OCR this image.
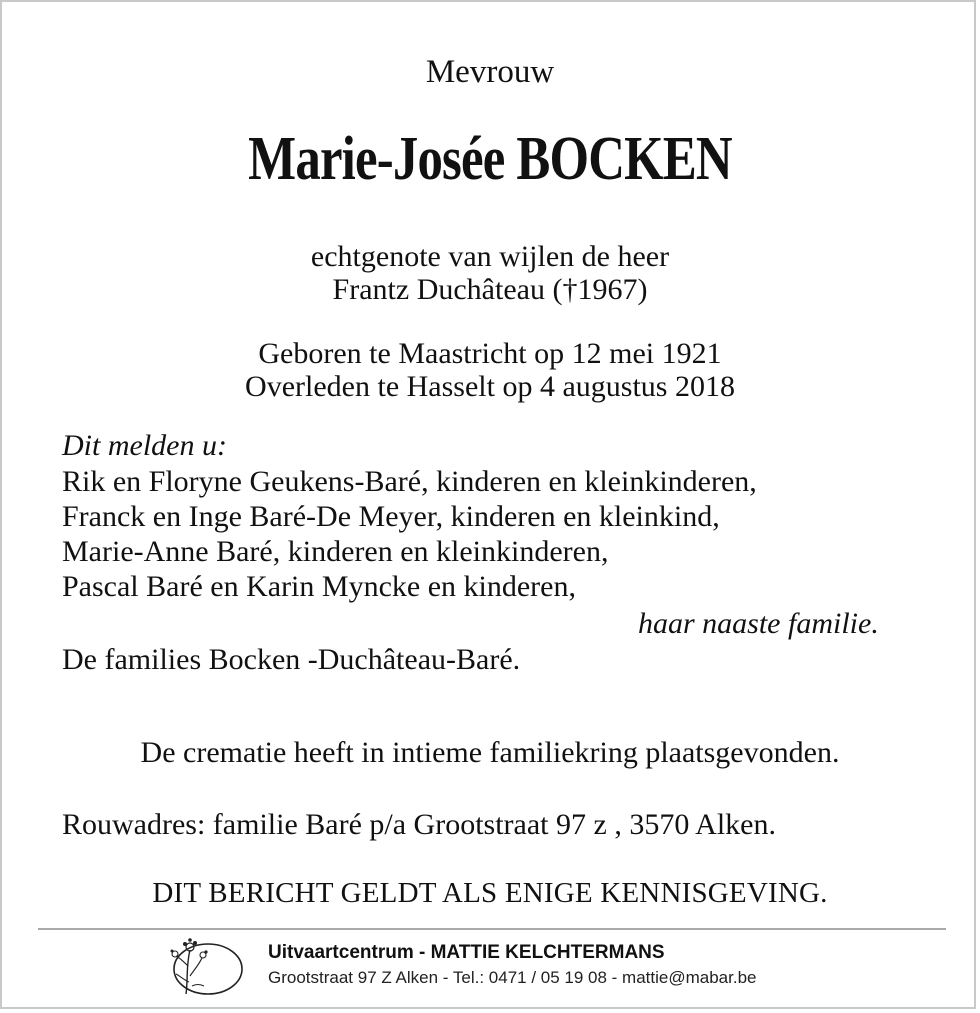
Mevrouw
Marie-Josée BOCKEN
echtgenote van wijlen de heer
Frantz Duchâteau (†1967)
Geboren te Maastricht op 12 mei 1921
Overleden te Hasselt op 4 augustus 2018
Dit melden u:
Rik en Floryne Geukens-Baré, kinderen en kleinkinderen,
Franck en Inge Baré-De Meyer, kinderen en kleinkind,
Marie-Anne Baré, kinderen en kleinkinderen,
Pascal Baré en Karin Myncke en kinderen,
haar naaste familie.
De families Bocken -Duchâteau-Baré.
De crematie heeft in intieme familiekring plaatsgevonden.
Rouwadres: familie Baré p/a Grootstraat 97 z , 3570 Alken.
DIT BERICHT GELDT ALS ENIGE KENNISGEVING.
Uitvaartcentrum - MATTIE KELCHTERMANS
Grootstraat 97 Z Alken - Tel.: 0471 / 05 19 08 - mattie@mabar.be
